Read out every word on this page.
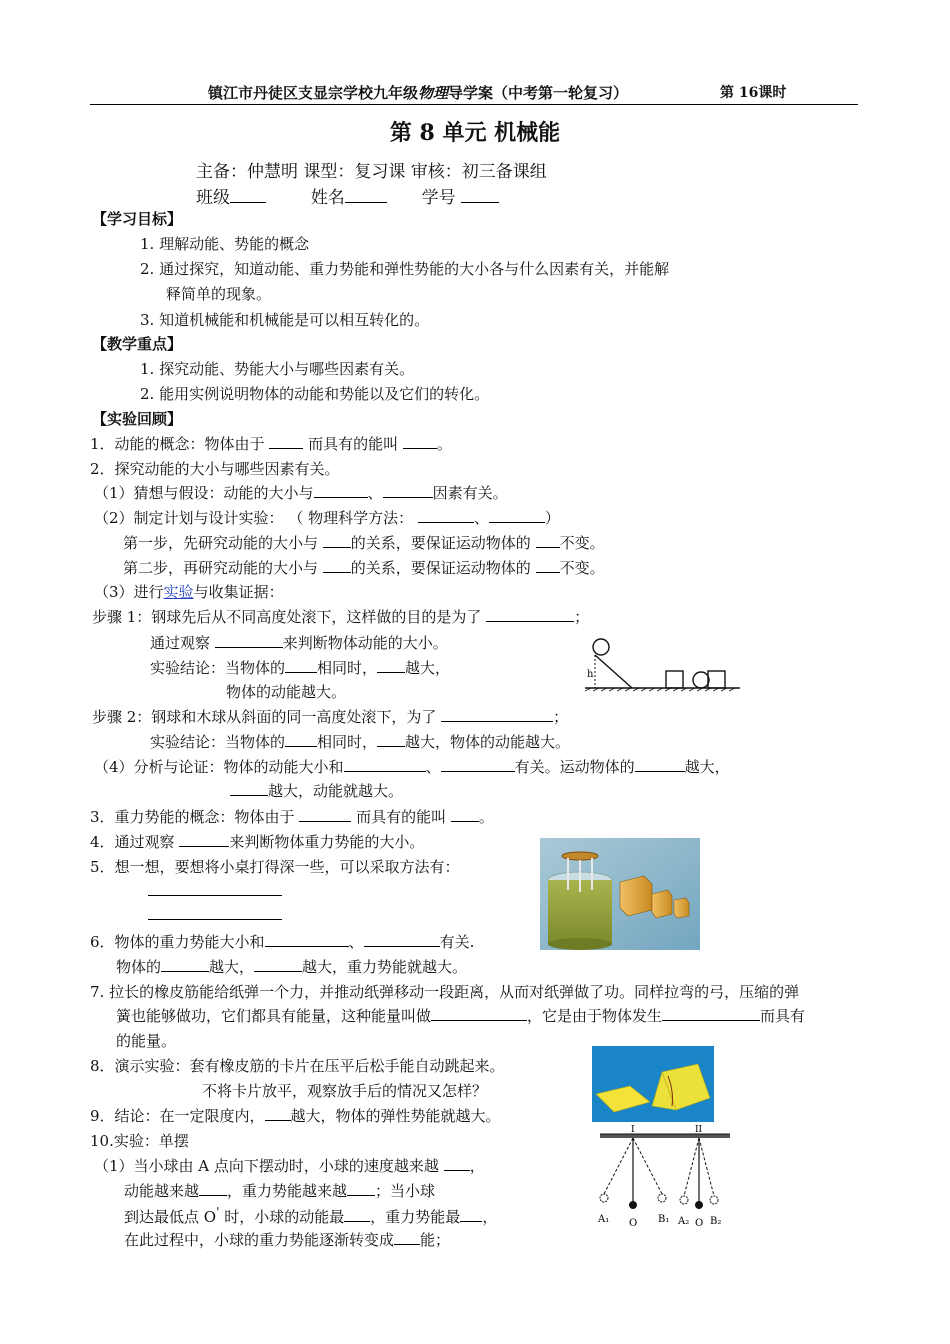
镇江市丹徒区支显宗学校九年级物理导学案（中考第一轮复习）	第 16课时
第 8 单元 机械能
主备：仲慧明 课型：复习课 审核：初三备课组
班级	姓名	学号
【学习目标】
1. 理解动能、势能的概念
2. 通过探究，知道动能、重力势能和弹性势能的大小各与什么因素有关，并能解
释简单的现象。
3. 知道机械能和机械能是可以相互转化的。
【教学重点】
1. 探究动能、势能大小与哪些因素有关。
2. 能用实例说明物体的动能和势能以及它们的转化。
【实验回顾】
1．动能的概念：物体由于	而具有的能叫	。
2．探究动能的大小与哪些因素有关。
（1）猜想与假设：动能的大小与	、	因素有关。
（2）制定计划与设计实验： （ 物理科学方法：	、	）
第一步，先研究动能的大小与 的关系，要保证运动物体的 不变。
第二步，再研究动能的大小与 的关系，要保证运动物体的 不变。
（3）进行实验与收集证据：
步骤 1：钢球先后从不同高度处滚下，这样做的目的是为了	；
通过观察	来判断物体动能的大小。
实验结论：当物体的 相同时， 越大，
物体的动能越大。
h
步骤 2：钢球和木球从斜面的同一高度处滚下，为了	；
实验结论：当物体的 相同时， 越大，物体的动能越大。
（4）分析与论证：物体的动能大小和	、	有关。运动物体的	越大，
越大，动能就越大。
3．重力势能的概念：物体由于	而具有的能叫 。
4．通过观察	来判断物体重力势能的大小。
5．想一想，要想将小桌打得深一些，可以采取方法有：
6．物体的重力势能大小和	、	有关.
物体的	越大，	越大，重力势能就越大。
7. 拉长的橡皮筋能给纸弹一个力，并推动纸弹移动一段距离，从而对纸弹做了功。同样拉弯的弓，压缩的弹
簧也能够做功，它们都具有能量，这种能量叫做	，它是由于物体发生	而具有
的能量。
8．演示实验：套有橡皮筋的卡片在压平后松手能自动跳起来。
不将卡片放平，观察放手后的情况又怎样？
9．结论：在一定限度内， 越大，物体的弹性势能就越大。
10.实验：单摆
（1）当小球由 A 点向下摆动时，小球的速度越来越 ，
动能越来越 ，重力势能越来越 ；当小球
到达最低点 O' 时，小球的动能最 ，重力势能最 ，
在此过程中，小球的重力势能逐渐转变成 能；
I	II
A₁ O B₁ A₂ O B₂
